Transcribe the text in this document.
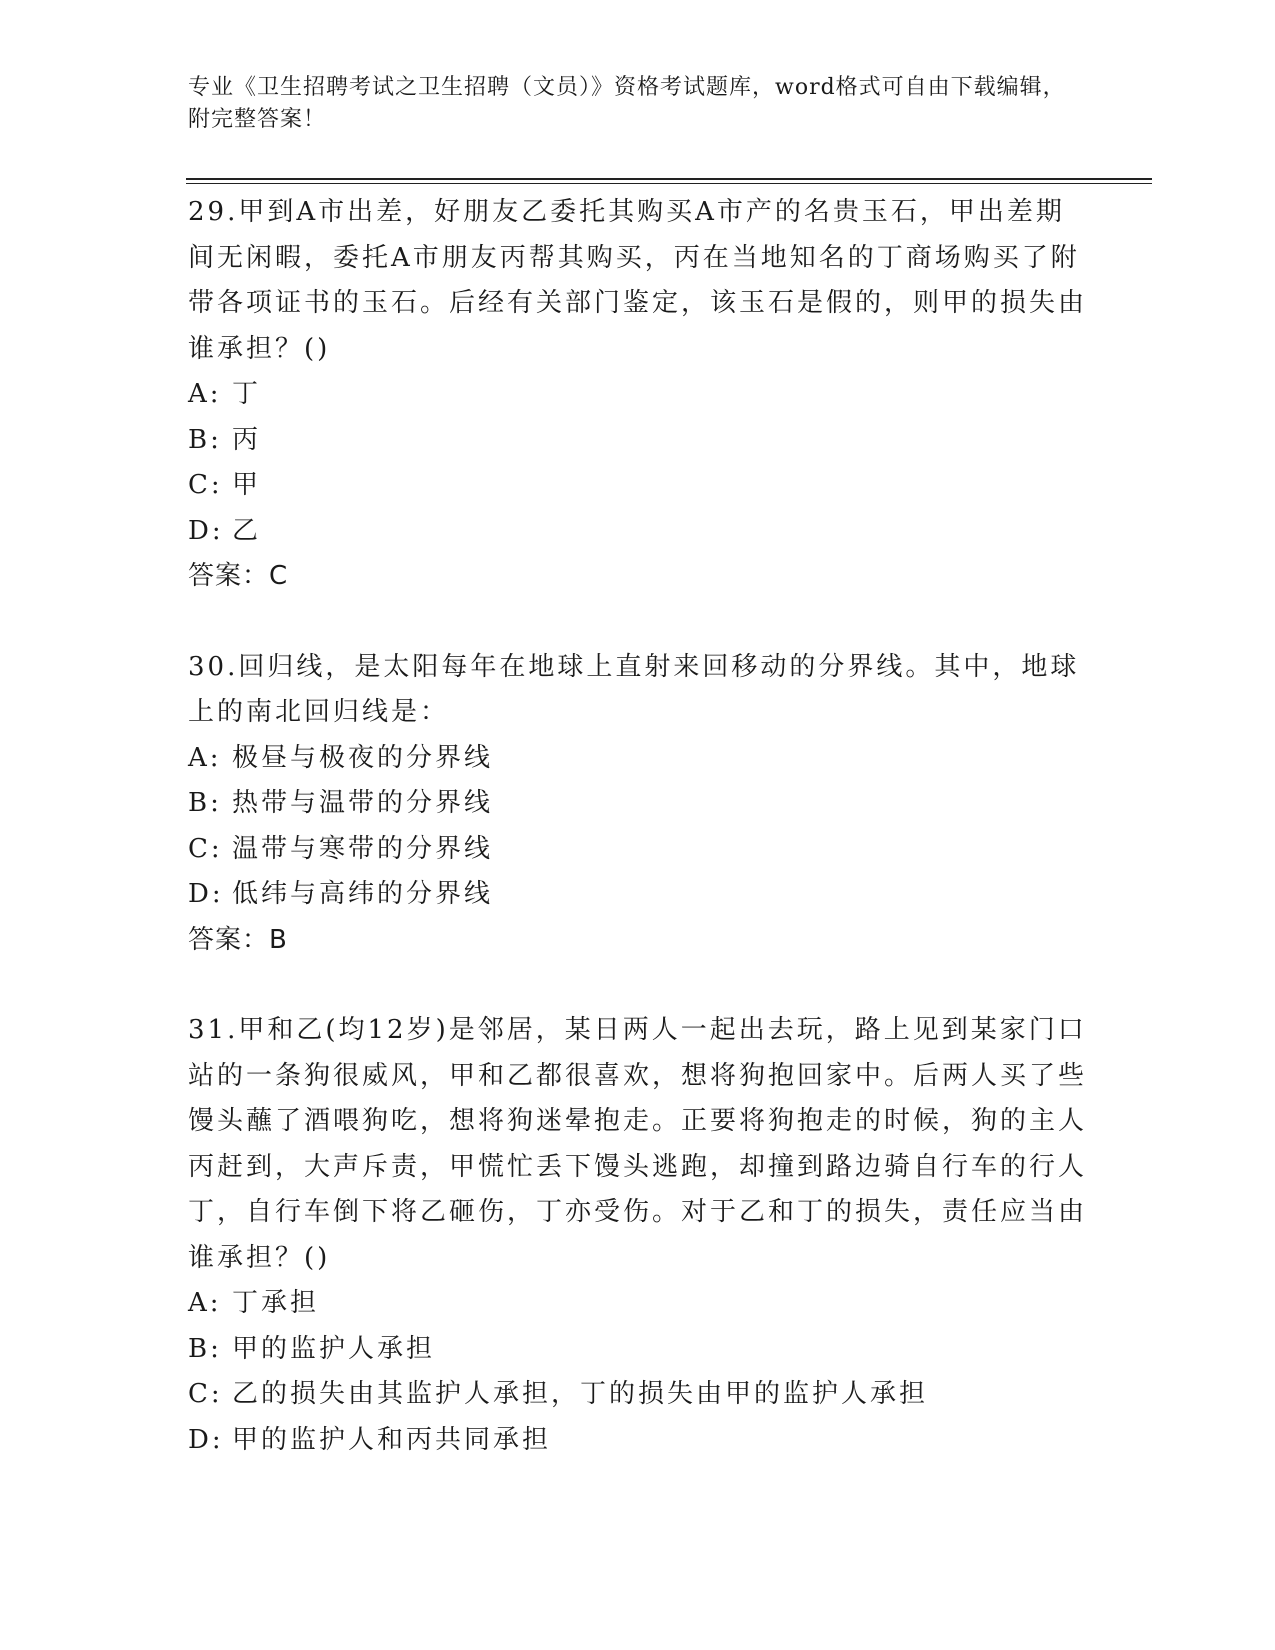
专业《卫生招聘考试之卫生招聘（文员）》资格考试题库，word格式可自由下载编辑，附完整答案！

29.甲到A市出差，好朋友乙委托其购买A市产的名贵玉石，甲出差期间无闲暇，委托A市朋友丙帮其购买，丙在当地知名的丁商场购买了附带各项证书的玉石。后经有关部门鉴定，该玉石是假的，则甲的损失由谁承担？()

A: 丁

B: 丙

C: 甲

D: 乙

答案：C

30.回归线，是太阳每年在地球上直射来回移动的分界线。其中，地球上的南北回归线是：

A: 极昼与极夜的分界线

B: 热带与温带的分界线

C: 温带与寒带的分界线

D: 低纬与高纬的分界线

答案：B

31.甲和乙(均12岁)是邻居，某日两人一起出去玩，路上见到某家门口站的一条狗很威风，甲和乙都很喜欢，想将狗抱回家中。后两人买了些馒头蘸了酒喂狗吃，想将狗迷晕抱走。正要将狗抱走的时候，狗的主人丙赶到，大声斥责，甲慌忙丢下馒头逃跑，却撞到路边骑自行车的行人丁，自行车倒下将乙砸伤，丁亦受伤。对于乙和丁的损失，责任应当由谁承担？()

A: 丁承担

B: 甲的监护人承担

C: 乙的损失由其监护人承担，丁的损失由甲的监护人承担

D: 甲的监护人和丙共同承担
